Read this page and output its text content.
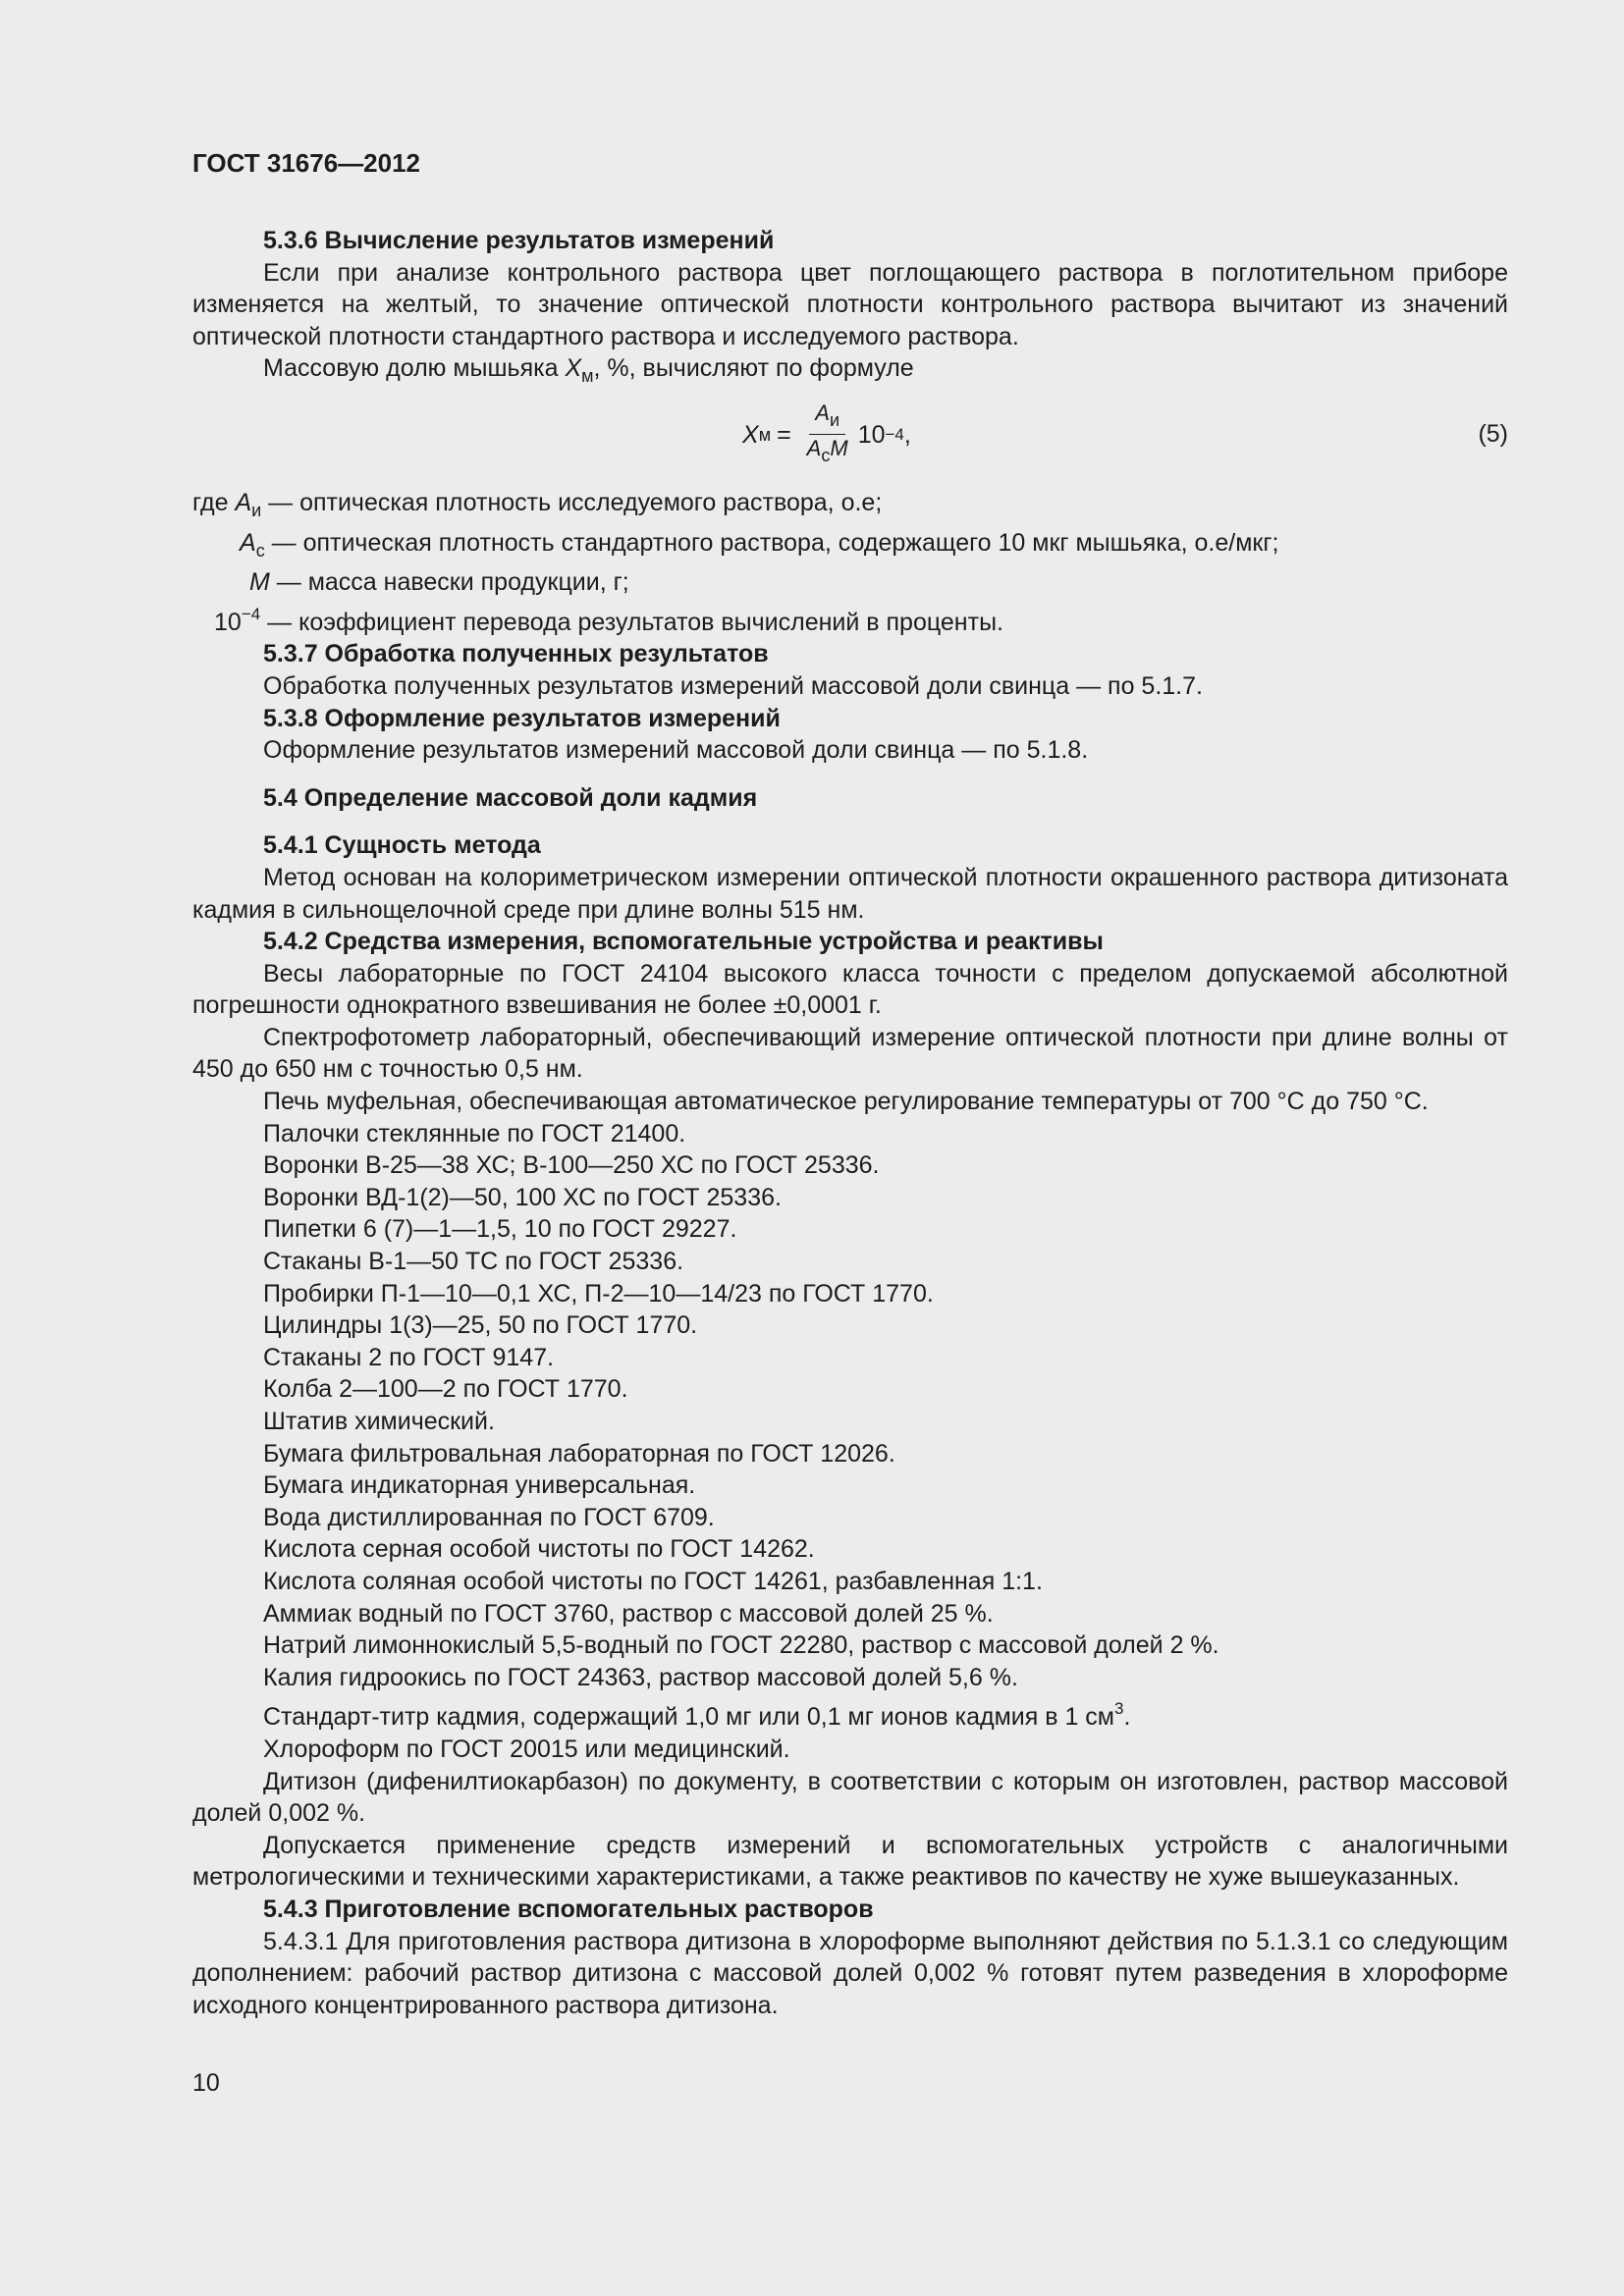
ГОСТ 31676—2012

5.3.6 Вычисление результатов измерений

Если при анализе контрольного раствора цвет поглощающего раствора в поглотительном приборе изменяется на желтый, то значение оптической плотности контрольного раствора вычитают из значений оптической плотности стандартного раствора и исследуемого раствора.

Массовую долю мышьяка $X_м$, %, вычисляют по формуле

X $м = \frac{A_и}{A_сM} 10 -4$ ,	(5)

где $A_и$ — оптическая плотность исследуемого раствора, о.е;

$A_с$ — оптическая плотность стандартного раствора, содержащего 10 мкг мышьяка, о.е/мкг;

M — масса навески продукции, г;

$10^{-4}$ — коэффициент перевода результатов вычислений в проценты.

5.3.7 Обработка полученных результатов

Обработка полученных результатов измерений массовой доли свинца — по 5.1.7.

5.3.8 Оформление результатов измерений

Оформление результатов измерений массовой доли свинца — по 5.1.8.

5.4 Определение массовой доли кадмия

5.4.1 Сущность метода

Метод основан на колориметрическом измерении оптической плотности окрашенного раствора дитизоната кадмия в сильнощелочной среде при длине волны 515 нм.

5.4.2 Средства измерения, вспомогательные устройства и реактивы

Весы лабораторные по ГОСТ 24104 высокого класса точности с пределом допускаемой абсолютной погрешности однократного взвешивания не более ±0,0001 г.

Спектрофотометр лабораторный, обеспечивающий измерение оптической плотности при длине волны от 450 до 650 нм с точностью 0,5 нм.

Печь муфельная, обеспечивающая автоматическое регулирование температуры от 700 °С до 750 °С.

Палочки стеклянные по ГОСТ 21400.

Воронки В-25—38 ХС; В-100—250 ХС по ГОСТ 25336.

Воронки ВД-1(2)—50, 100 ХС по ГОСТ 25336.

Пипетки 6 (7)—1—1,5, 10 по ГОСТ 29227.

Стаканы В-1—50 ТС по ГОСТ 25336.

Пробирки П-1—10—0,1 ХС, П-2—10—14/23 по ГОСТ 1770.

Цилиндры 1(3)—25, 50 по ГОСТ 1770.

Стаканы 2 по ГОСТ 9147.

Колба 2—100—2 по ГОСТ 1770.

Штатив химический.

Бумага фильтровальная лабораторная по ГОСТ 12026.

Бумага индикаторная универсальная.

Вода дистиллированная по ГОСТ 6709.

Кислота серная особой чистоты по ГОСТ 14262.

Кислота соляная особой чистоты по ГОСТ 14261, разбавленная 1:1.

Аммиак водный по ГОСТ 3760, раствор с массовой долей 25 %.

Натрий лимоннокислый 5,5-водный по ГОСТ 22280, раствор с массовой долей 2 %.

Калия гидроокись по ГОСТ 24363, раствор массовой долей 5,6 %.

Стандарт-титр кадмия, содержащий 1,0 мг или 0,1 мг ионов кадмия в 1 $см^3$.

Хлороформ по ГОСТ 20015 или медицинский.

Дитизон (дифенилтиокарбазон) по документу, в соответствии с которым он изготовлен, раствор массовой долей 0,002 %.

Допускается применение средств измерений и вспомогательных устройств с аналогичными метрологическими и техническими характеристиками, а также реактивов по качеству не хуже вышеуказанных.

5.4.3 Приготовление вспомогательных растворов

5.4.3.1 Для приготовления раствора дитизона в хлороформе выполняют действия по 5.1.3.1 со следующим дополнением: рабочий раствор дитизона с массовой долей 0,002 % готовят путем разведения в хлороформе исходного концентрированного раствора дитизона.

10
